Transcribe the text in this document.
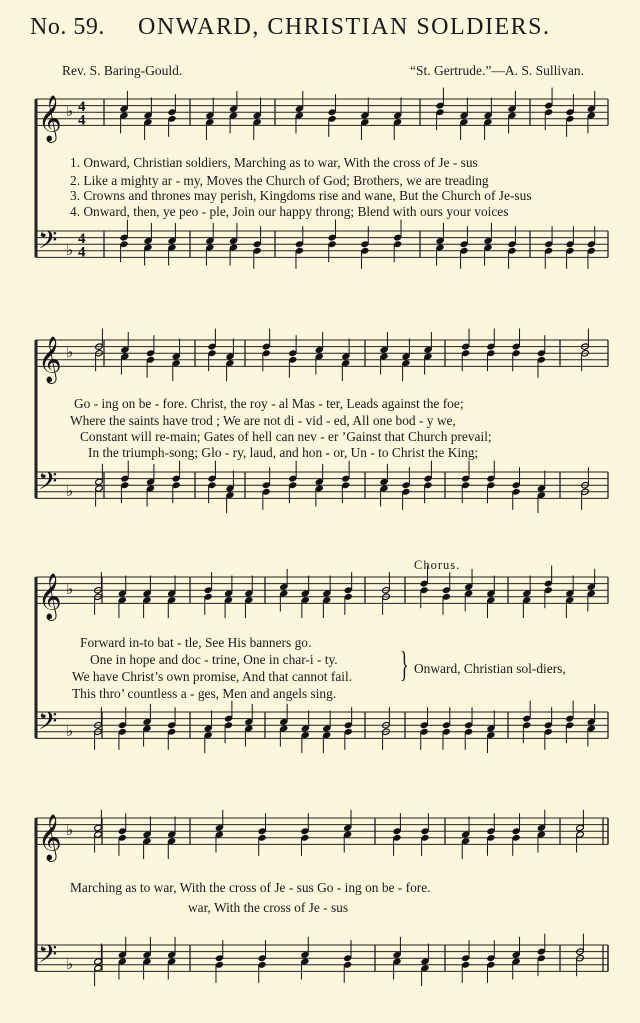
No. 59. ONWARD, CHRISTIAN SOLDIERS.
Rev. S. Baring-Gould.	“St. Gertrude.”—A. S. Sullivan.
𝄞 ♭ 4
4
𝄢 ♭
4
4
𝄞 ♭
𝄢 ♭
𝄞 ♭
𝄢 ♭
𝄞 ♭
𝄢 ♭
1. Onward, Christian soldiers, Marching as to war, With the cross of Je - sus
2. Like a mighty ar - my, Moves the Church of God; Brothers, we are treading
3. Crowns and thrones may perish, Kingdoms rise and wane, But the Church of Je-sus
4. Onward, then, ye peo - ple, Join our happy throng; Blend with ours your voices
Go - ing on be - fore. Christ, the roy - al Mas - ter, Leads against the foe;
Where the saints have trod ; We are not di - vid - ed, All one bod - y we,
Constant will re-main; Gates of hell can nev - er ’Gainst that Church prevail;
In the triumph-song; Glo - ry, laud, and hon - or, Un - to Christ the King;
Chorus.
Forward in-to bat - tle, See His banners go.
One in hope and doc - trine, One in char-i - ty.
We have Christ’s own promise, And that cannot fail.
This thro’ countless a - ges, Men and angels sing.
} Onward, Christian sol-diers,
Marching as to war, With the cross of Je - sus Go - ing on be - fore.
war, With the cross of Je - sus
